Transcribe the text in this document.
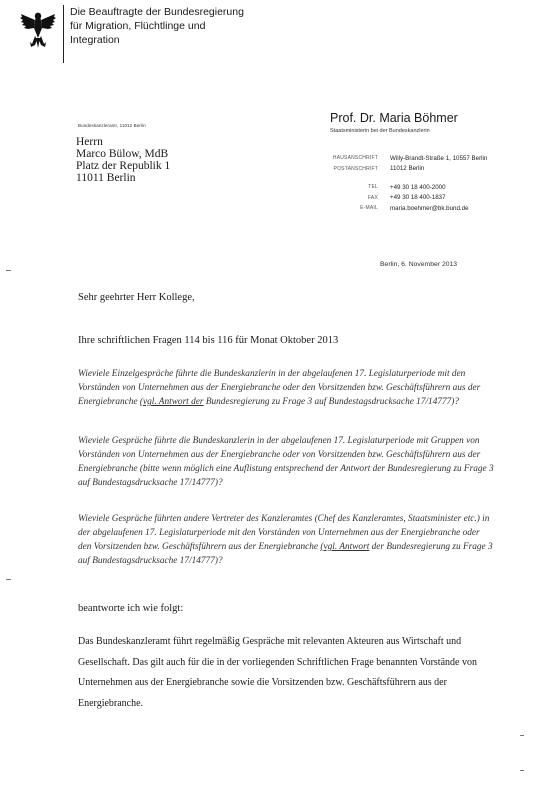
Die Beauftragte der Bundesregierung
für Migration, Flüchtlinge und
Integration
Bundeskanzleramt, 11012 Berlin
Herrn
Marco Bülow, MdB
Platz der Republik 1
11011 Berlin
Prof. Dr. Maria Böhmer
Staatsministerin bei der Bundeskanzlerin
HAUSANSCHRIFT	Willy-Brandt-Straße 1, 10557 Berlin
POSTANSCHRIFT	11012 Berlin
TEL	+49 30 18 400-2000
FAX	+49 30 18 400-1837
E-MAIL	maria.boehmer@bk.bund.de
Berlin, 6. November 2013
Sehr geehrter Herr Kollege,
Ihre schriftlichen Fragen 114 bis 116 für Monat Oktober 2013
Wieviele Einzelgespräche führte die Bundeskanzlerin in der abgelaufenen 17. Legislaturperiode mit den Vorständen von Unternehmen aus der Energiebranche oder den Vorsitzenden bzw. Geschäftsführern aus der Energiebranche (vgl. Antwort der Bundesregierung zu Frage 3 auf Bundestagsdrucksache 17/14777)?
Wieviele Gespräche führte die Bundeskanzlerin in der abgelaufenen 17. Legislaturperiode mit Gruppen von Vorständen von Unternehmen aus der Energiebranche oder von Vorsitzenden bzw. Geschäftsführern aus der Energiebranche (bitte wenn möglich eine Auflistung entsprechend der Antwort der Bundesregierung zu Frage 3 auf Bundestagsdrucksache 17/14777)?
Wieviele Gespräche führten andere Vertreter des Kanzleramtes (Chef des Kanzleramtes, Staatsminister etc.) in der abgelaufenen 17. Legislaturperiode mit den Vorständen von Unternehmen aus der Energiebranche oder den Vorsitzenden bzw. Geschäftsführern aus der Energiebranche (vgl. Antwort der Bundesregierung zu Frage 3 auf Bundestagsdrucksache 17/14777)?
beantworte ich wie folgt:
Das Bundeskanzleramt führt regelmäßig Gespräche mit relevanten Akteuren aus Wirtschaft und Gesellschaft. Das gilt auch für die in der vorliegenden Schriftlichen Frage benannten Vorstände von Unternehmen aus der Energiebranche sowie die Vorsitzenden bzw. Geschäftsführern aus der Energiebranche.
